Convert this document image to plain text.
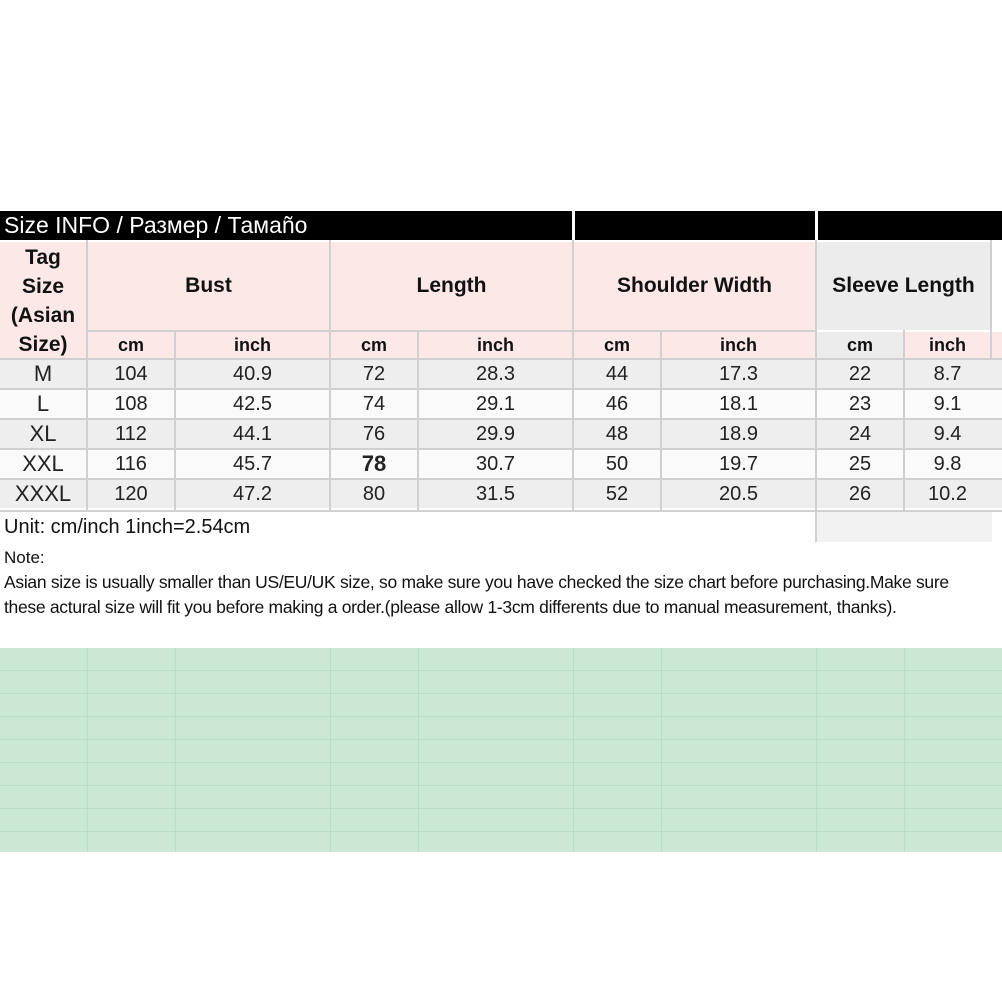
Size INFO / Размер / Тамaño
Tag Size (Asian Size)
Bust	Length	Shoulder Width	Sleeve Length
cm	inch	cm	inch	cm	inch	cm	inch
M	104	40.9	72	28.3	44	17.3	22	8.7
L	108	42.5	74	29.1	46	18.1	23	9.1
XL	112	44.1	76	29.9	48	18.9	24	9.4
XXL	116	45.7	78	30.7	50	19.7	25	9.8
XXXL	120	47.2	80	31.5	52	20.5	26	10.2
Unit: cm/inch 1inch=2.54cm
Note:
Asian size is usually smaller than US/EU/UK size, so make sure you have checked the size chart before purchasing.Make sure these actural size will fit you before making a order.(please allow 1-3cm differents due to manual measurement, thanks).
